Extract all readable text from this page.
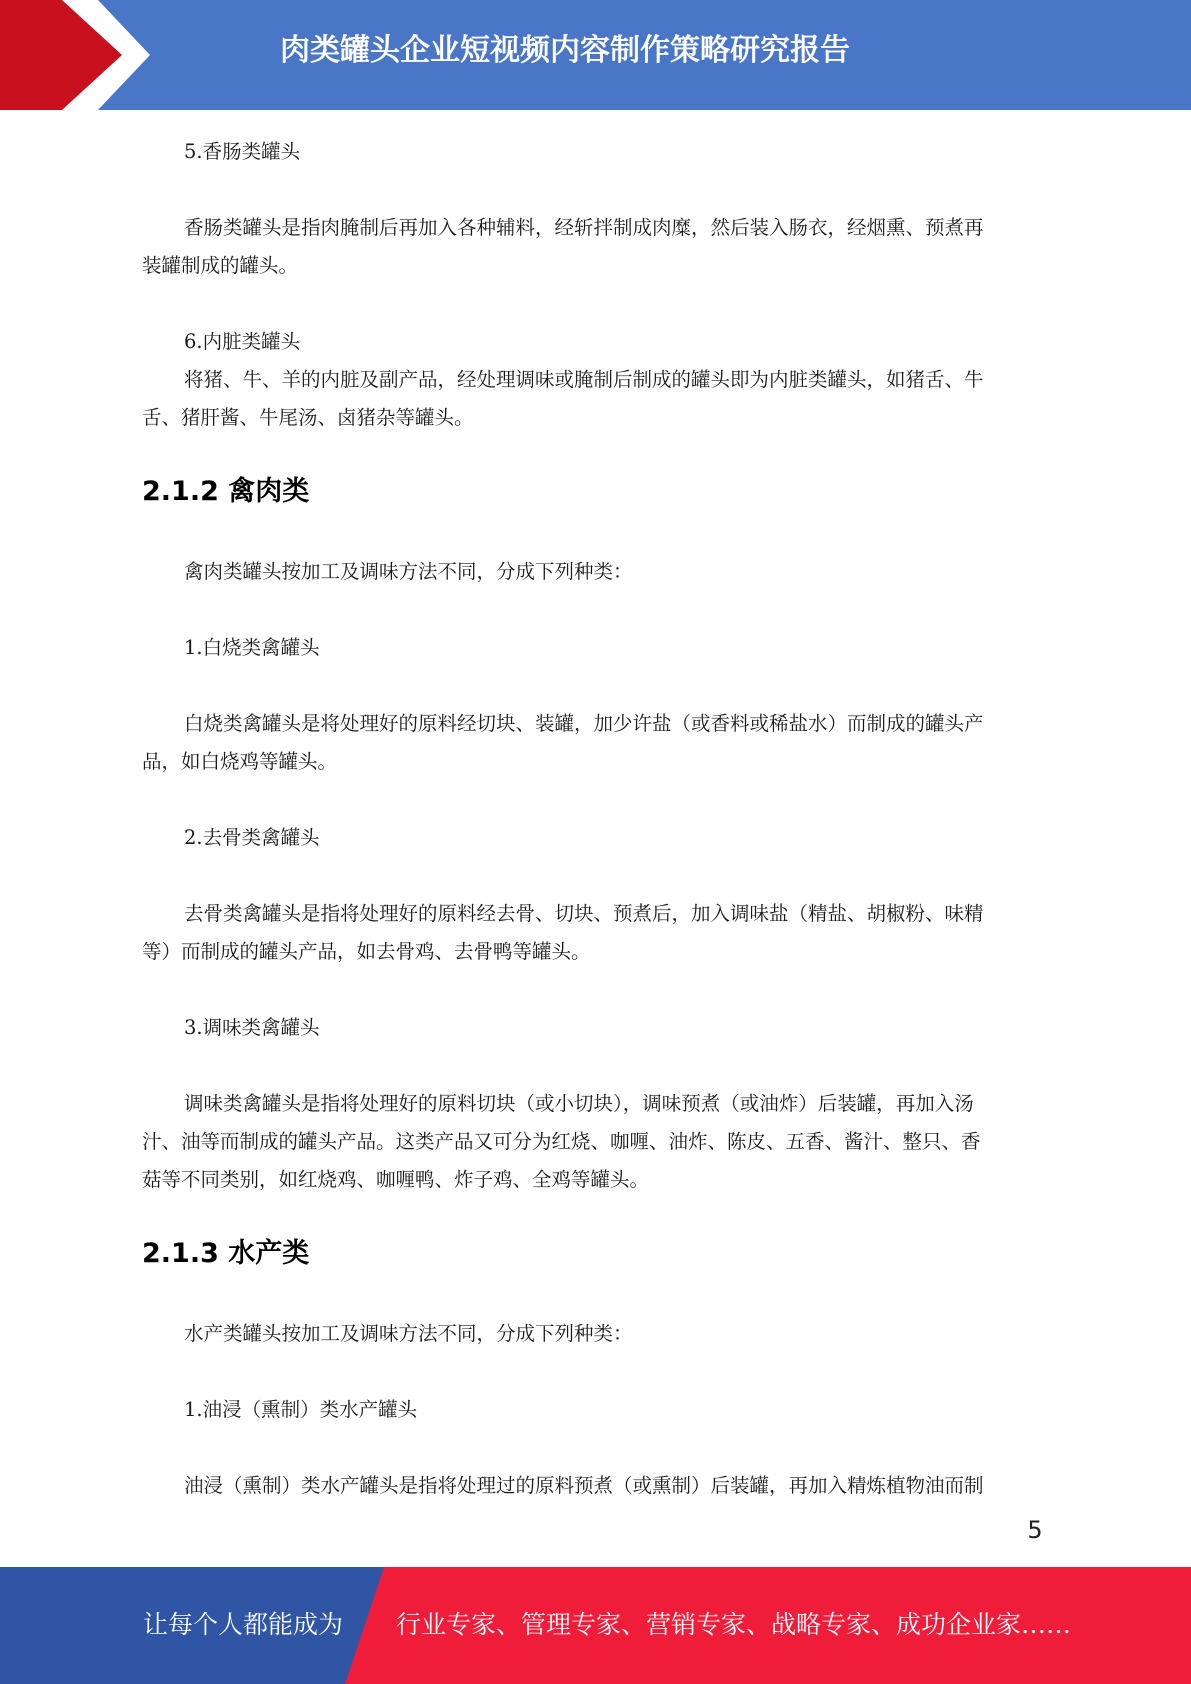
肉类罐头企业短视频内容制作策略研究报告
5.香肠类罐头
香肠类罐头是指肉腌制后再加入各种辅料，经斩拌制成肉糜，然后装入肠衣，经烟熏、预煮再
装罐制成的罐头。
6.内脏类罐头
将猪、牛、羊的内脏及副产品，经处理调味或腌制后制成的罐头即为内脏类罐头，如猪舌、牛
舌、猪肝酱、牛尾汤、卤猪杂等罐头。
2.1.2 禽肉类
禽肉类罐头按加工及调味方法不同，分成下列种类：
1.白烧类禽罐头
白烧类禽罐头是将处理好的原料经切块、装罐，加少许盐（或香料或稀盐水）而制成的罐头产
品，如白烧鸡等罐头。
2.去骨类禽罐头
去骨类禽罐头是指将处理好的原料经去骨、切块、预煮后，加入调味盐（精盐、胡椒粉、味精
等）而制成的罐头产品，如去骨鸡、去骨鸭等罐头。
3.调味类禽罐头
调味类禽罐头是指将处理好的原料切块（或小切块），调味预煮（或油炸）后装罐，再加入汤
汁、油等而制成的罐头产品。这类产品又可分为红烧、咖喱、油炸、陈皮、五香、酱汁、整只、香
菇等不同类别，如红烧鸡、咖喱鸭、炸子鸡、全鸡等罐头。
2.1.3 水产类
水产类罐头按加工及调味方法不同，分成下列种类：
1.油浸（熏制）类水产罐头
油浸（熏制）类水产罐头是指将处理过的原料预煮（或熏制）后装罐，再加入精炼植物油而制
5
让每个人都能成为 行业专家、管理专家、营销专家、战略专家、成功企业家……
